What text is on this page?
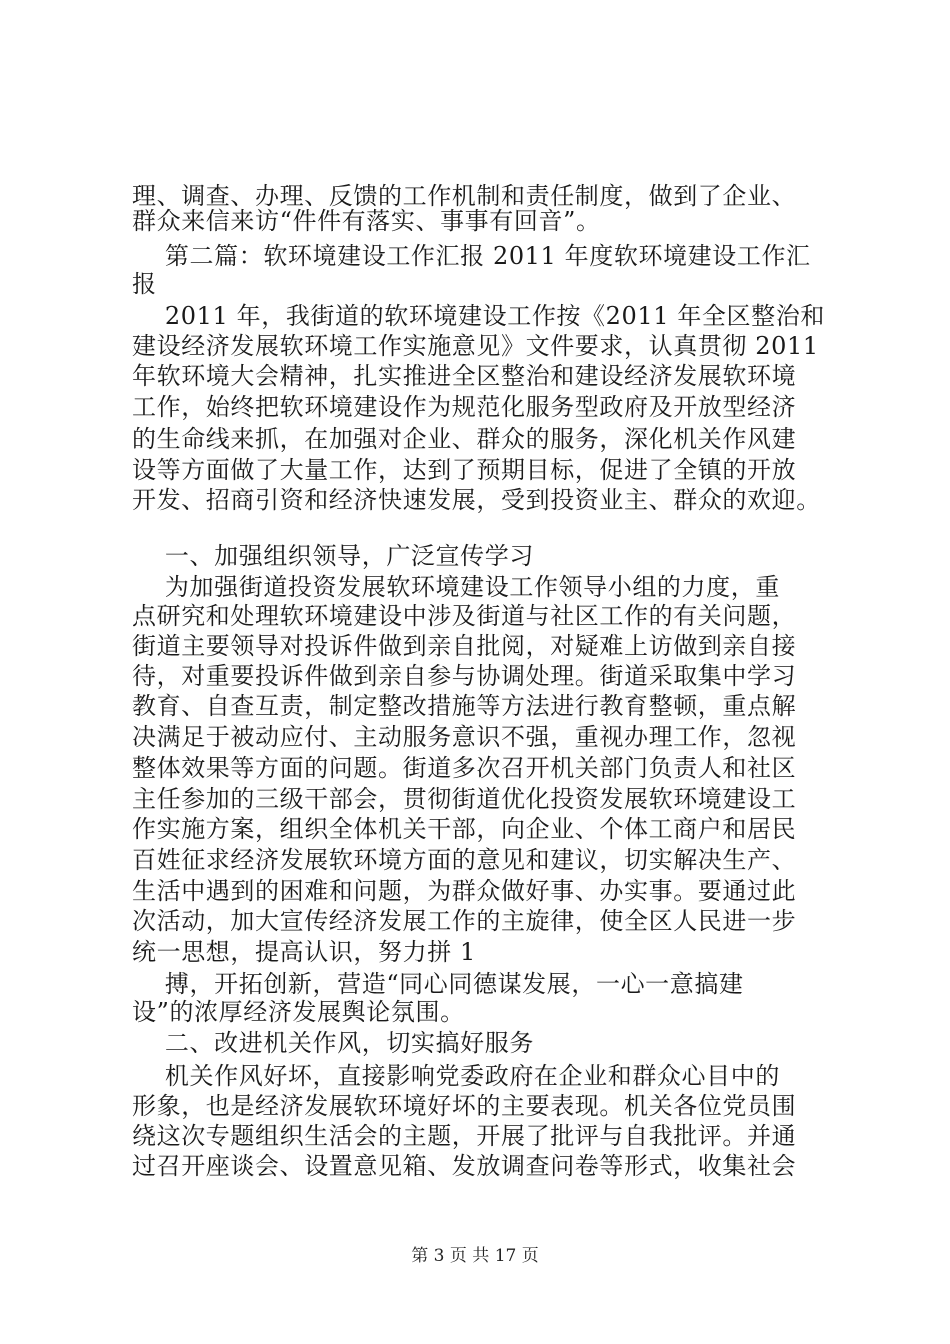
理、调查、办理、反馈的工作机制和责任制度，做到了企业、
群众来信来访“件件有落实、事事有回音”。
第二篇：软环境建设工作汇报 2011 年度软环境建设工作汇
报
2011 年，我街道的软环境建设工作按《2011 年全区整治和
建设经济发展软环境工作实施意见》文件要求，认真贯彻 2011
年软环境大会精神，扎实推进全区整治和建设经济发展软环境
工作，始终把软环境建设作为规范化服务型政府及开放型经济
的生命线来抓，在加强对企业、群众的服务，深化机关作风建
设等方面做了大量工作，达到了预期目标，促进了全镇的开放
开发、招商引资和经济快速发展，受到投资业主、群众的欢迎。
一、加强组织领导，广泛宣传学习
为加强街道投资发展软环境建设工作领导小组的力度，重
点研究和处理软环境建设中涉及街道与社区工作的有关问题，
街道主要领导对投诉件做到亲自批阅，对疑难上访做到亲自接
待，对重要投诉件做到亲自参与协调处理。街道采取集中学习
教育、自查互责，制定整改措施等方法进行教育整顿，重点解
决满足于被动应付、主动服务意识不强，重视办理工作，忽视
整体效果等方面的问题。街道多次召开机关部门负责人和社区
主任参加的三级干部会，贯彻街道优化投资发展软环境建设工
作实施方案，组织全体机关干部，向企业、个体工商户和居民
百姓征求经济发展软环境方面的意见和建议，切实解决生产、
生活中遇到的困难和问题，为群众做好事、办实事。要通过此
次活动，加大宣传经济发展工作的主旋律，使全区人民进一步
统一思想，提高认识，努力拼 1
搏，开拓创新，营造“同心同德谋发展，一心一意搞建
设”的浓厚经济发展舆论氛围。
二、改进机关作风，切实搞好服务
机关作风好坏，直接影响党委政府在企业和群众心目中的
形象，也是经济发展软环境好坏的主要表现。机关各位党员围
绕这次专题组织生活会的主题，开展了批评与自我批评。并通
过召开座谈会、设置意见箱、发放调查问卷等形式，收集社会
第 3 页 共 17 页
